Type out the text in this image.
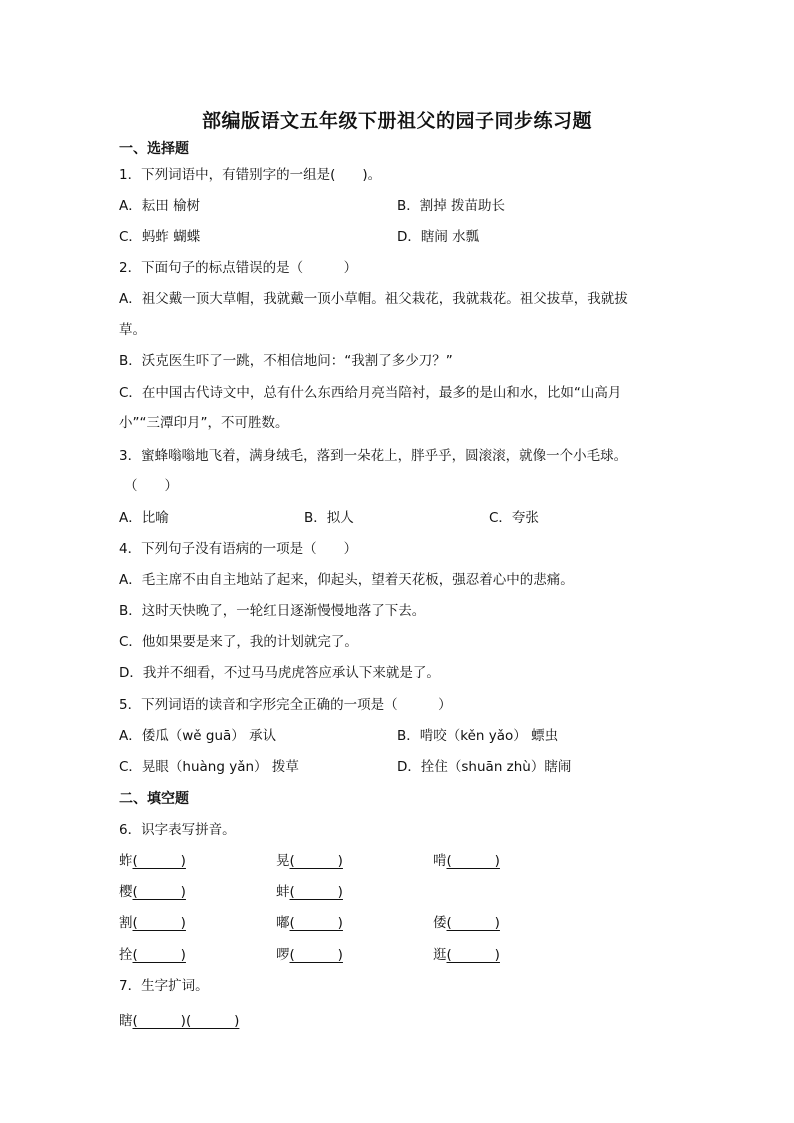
部编版语文五年级下册祖父的园子同步练习题
一、选择题
1．下列词语中，有错别字的一组是(　　)。
A．耘田 榆树	B．割掉 拨苗助长
C．蚂蚱 蝴蝶	D．瞎闹 水瓢
2．下面句子的标点错误的是（　　　）
A．祖父戴一顶大草帽，我就戴一顶小草帽。祖父栽花，我就栽花。祖父拔草，我就拔
草。
B．沃克医生吓了一跳，不相信地问：“我割了多少刀？”
C．在中国古代诗文中，总有什么东西给月亮当陪衬，最多的是山和水，比如“山高月
小”“三潭印月”，不可胜数。
3．蜜蜂嗡嗡地飞着，满身绒毛，落到一朵花上，胖乎乎，圆滚滚，就像一个小毛球。
（　　）
A．比喻	B．拟人	C．夸张
4．下列句子没有语病的一项是（　　）
A．毛主席不由自主地站了起来，仰起头，望着天花板，强忍着心中的悲痛。
B．这时天快晚了，一轮红日逐渐慢慢地落了下去。
C．他如果要是来了，我的计划就完了。
D．我并不细看，不过马马虎虎答应承认下来就是了。
5．下列词语的读音和字形完全正确的一项是（　　　）
A．倭瓜（wě guā） 承认	B．啃咬（kěn yǎo） 螵虫
C．晃眼（huàng yǎn） 拨草	D．拴住（shuān zhù）瞎闹
二、填空题
6．识字表写拼音。
蚱(          )	晃(          )	啃(          )
樱(          )	蚌(          )
割(          )	嘟(          )	倭(          )
拴(          )	啰(          )	逛(          )
7．生字扩词。
瞎(          )(          )
